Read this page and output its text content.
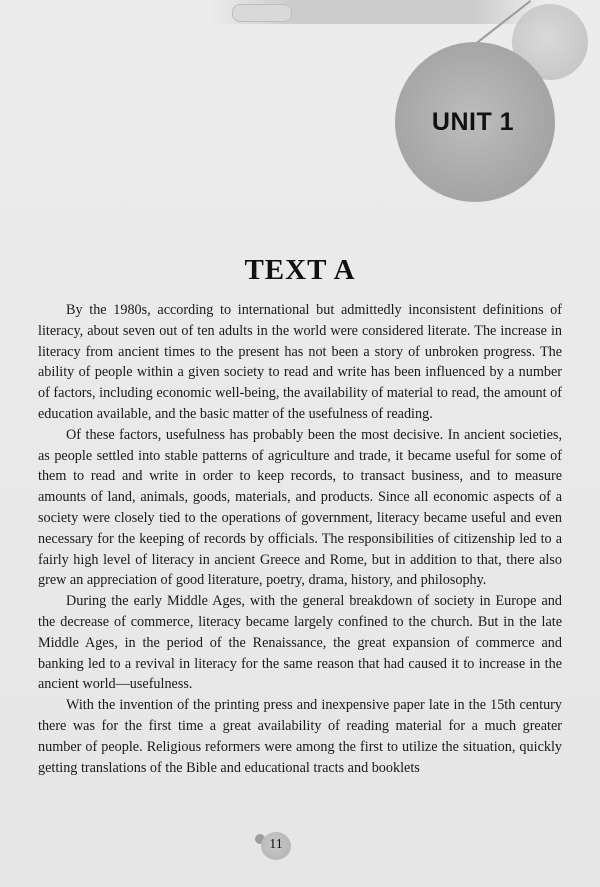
UNIT 1
TEXT A

By the 1980s, according to international but admittedly inconsistent definitions of literacy, about seven out of ten adults in the world were considered literate. The increase in literacy from ancient times to the present has not been a story of unbroken progress. The ability of people within a given society to read and write has been influenced by a number of factors, including economic well-being, the availability of material to read, the amount of education available, and the basic matter of the usefulness of reading.

Of these factors, usefulness has probably been the most decisive. In ancient societies, as people settled into stable patterns of agriculture and trade, it became useful for some of them to read and write in order to keep records, to transact business, and to measure amounts of land, animals, goods, materials, and products. Since all economic aspects of a society were closely tied to the operations of government, literacy became useful and even necessary for the keeping of records by officials. The responsibilities of citizenship led to a fairly high level of literacy in ancient Greece and Rome, but in addition to that, there also grew an appreciation of good literature, poetry, drama, history, and philosophy.

During the early Middle Ages, with the general breakdown of society in Europe and the decrease of commerce, literacy became largely confined to the church. But in the late Middle Ages, in the period of the Renaissance, the great expansion of commerce and banking led to a revival in literacy for the same reason that had caused it to increase in the ancient world—usefulness.

With the invention of the printing press and inexpensive paper late in the 15th century there was for the first time a great availability of reading material for a much greater number of people. Religious reformers were among the first to utilize the situation, quickly getting translations of the Bible and educational tracts and booklets

11
